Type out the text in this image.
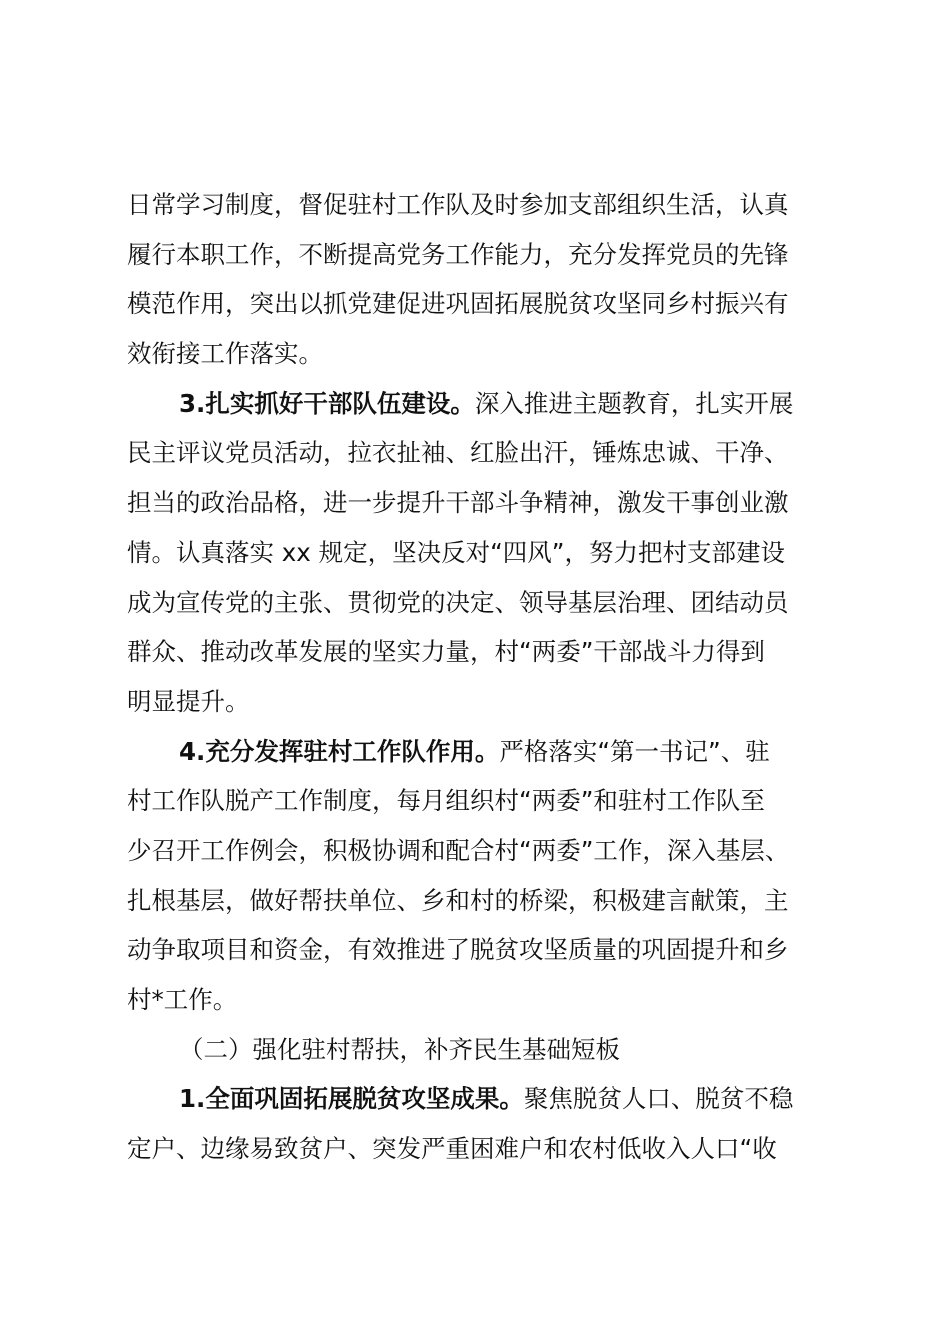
日常学习制度，督促驻村工作队及时参加支部组织生活，认真
履行本职工作，不断提高党务工作能力，充分发挥党员的先锋
模范作用，突出以抓党建促进巩固拓展脱贫攻坚同乡村振兴有
效衔接工作落实。
3.扎实抓好干部队伍建设。深入推进主题教育，扎实开展
民主评议党员活动，拉衣扯袖、红脸出汗，锤炼忠诚、干净、
担当的政治品格，进一步提升干部斗争精神，激发干事创业激
情。认真落实 xx 规定，坚决反对“四风”，努力把村支部建设
成为宣传党的主张、贯彻党的决定、领导基层治理、团结动员
群众、推动改革发展的坚实力量，村“两委”干部战斗力得到
明显提升。
4.充分发挥驻村工作队作用。严格落实“第一书记”、驻
村工作队脱产工作制度，每月组织村“两委”和驻村工作队至
少召开工作例会，积极协调和配合村“两委”工作，深入基层、
扎根基层，做好帮扶单位、乡和村的桥梁，积极建言献策，主
动争取项目和资金，有效推进了脱贫攻坚质量的巩固提升和乡
村*工作。
（二）强化驻村帮扶，补齐民生基础短板
1.全面巩固拓展脱贫攻坚成果。聚焦脱贫人口、脱贫不稳
定户、边缘易致贫户、突发严重困难户和农村低收入人口“收
